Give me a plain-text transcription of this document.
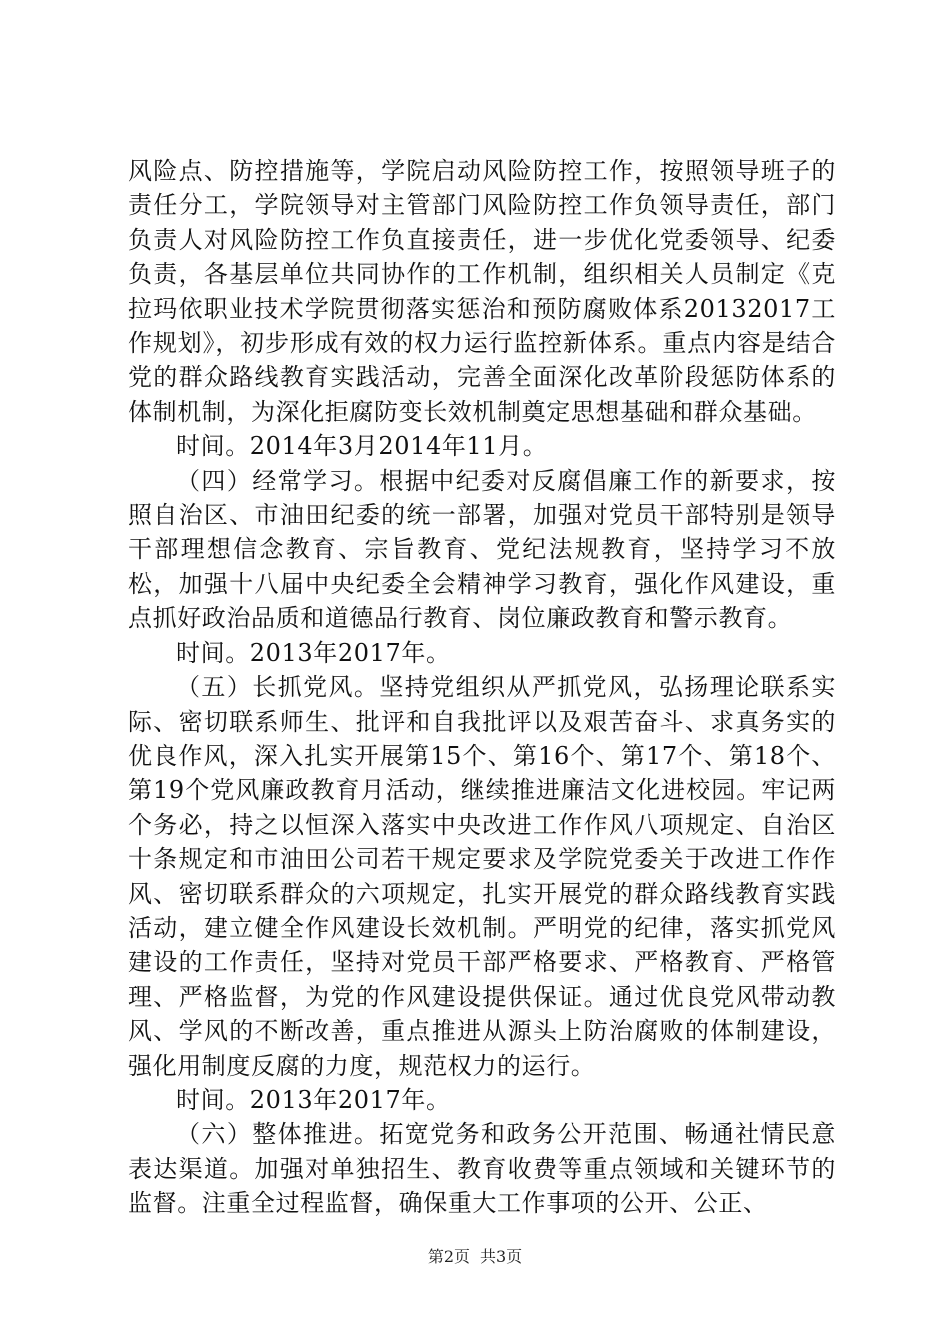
风险点、防控措施等，学院启动风险防控工作，按照领导班子的责任分工，学院领导对主管部门风险防控工作负领导责任，部门负责人对风险防控工作负直接责任，进一步优化党委领导、纪委负责，各基层单位共同协作的工作机制，组织相关人员制定《克拉玛依职业技术学院贯彻落实惩治和预防腐败体系20132017工作规划》，初步形成有效的权力运行监控新体系。重点内容是结合党的群众路线教育实践活动，完善全面深化改革阶段惩防体系的体制机制，为深化拒腐防变长效机制奠定思想基础和群众基础。

时间。2014年3月2014年11月。

（四）经常学习。根据中纪委对反腐倡廉工作的新要求，按照自治区、市油田纪委的统一部署，加强对党员干部特别是领导干部理想信念教育、宗旨教育、党纪法规教育，坚持学习不放松，加强十八届中央纪委全会精神学习教育，强化作风建设，重点抓好政治品质和道德品行教育、岗位廉政教育和警示教育。

时间。2013年2017年。

（五）长抓党风。坚持党组织从严抓党风，弘扬理论联系实际、密切联系师生、批评和自我批评以及艰苦奋斗、求真务实的优良作风，深入扎实开展第15个、第16个、第17个、第18个、第19个党风廉政教育月活动，继续推进廉洁文化进校园。牢记两个务必，持之以恒深入落实中央改进工作作风八项规定、自治区十条规定和市油田公司若干规定要求及学院党委关于改进工作作风、密切联系群众的六项规定，扎实开展党的群众路线教育实践活动，建立健全作风建设长效机制。严明党的纪律，落实抓党风建设的工作责任，坚持对党员干部严格要求、严格教育、严格管理、严格监督，为党的作风建设提供保证。通过优良党风带动教风、学风的不断改善，重点推进从源头上防治腐败的体制建设，强化用制度反腐的力度，规范权力的运行。

时间。2013年2017年。

（六）整体推进。拓宽党务和政务公开范围、畅通社情民意表达渠道。加强对单独招生、教育收费等重点领域和关键环节的监督。注重全过程监督，确保重大工作事项的公开、公正、

第2页 共3页
